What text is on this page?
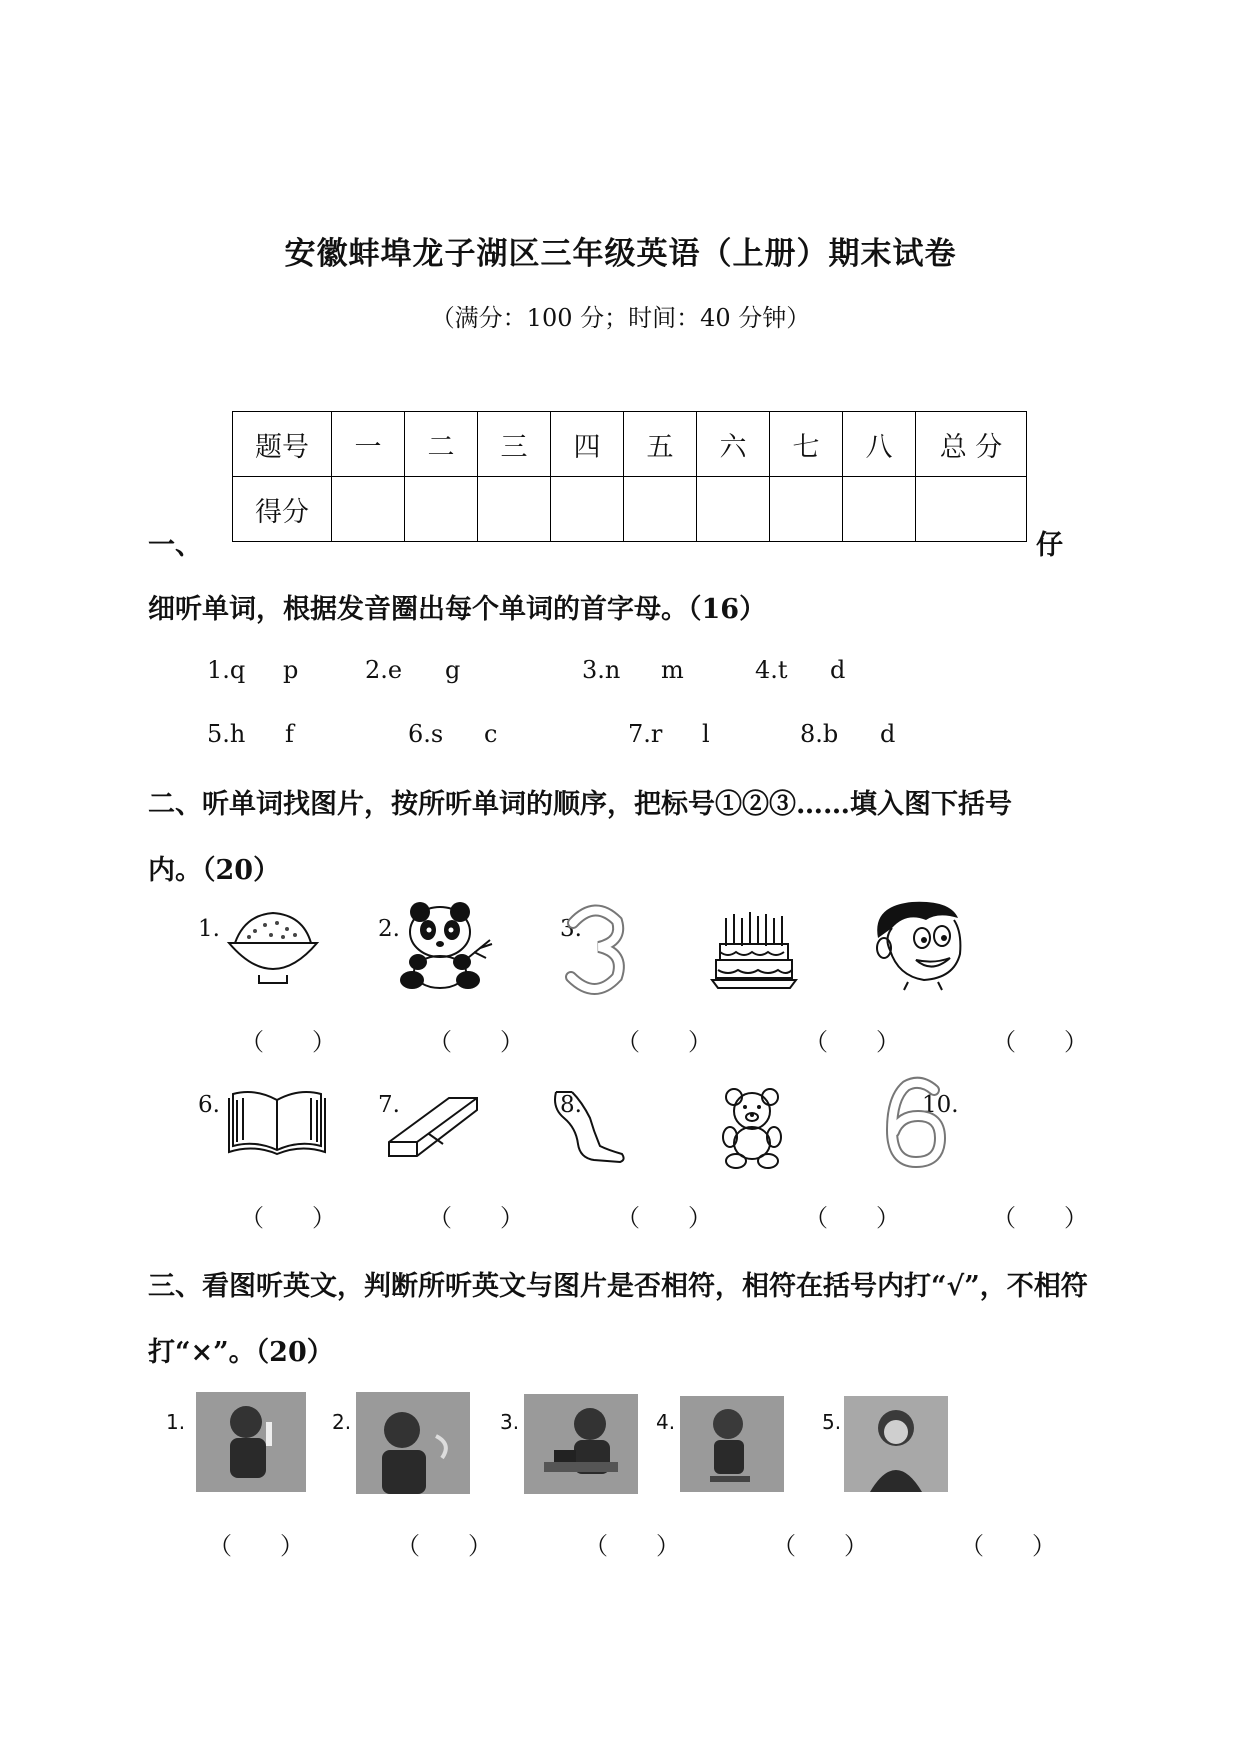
安徽蚌埠龙子湖区三年级英语（上册）期末试卷
（满分：100 分；时间：40 分钟）
题号	一	二	三	四	五	六	七	八	总 分
得分									
一、	仔
细听单词，根据发音圈出每个单词的首字母。（16）
1.q p	2.e g	3.n m	4.t d
5.h f	6.s c	7.r l	8.b d
二、听单词找图片，按所听单词的顺序，把标号①②③……填入图下括号
内。（20）
1.	2.	3.
（　　）	（　　）	（　　）	（　　）	（　　）
6.	7.	8.	10.
（　　）	（　　）	（　　）	（　　）	（　　）
三、看图听英文，判断所听英文与图片是否相符，相符在括号内打“√”，不相符
打“×”。（20）
1.	2.	3.	4.	5.
（　　）	（　　）	（　　）	（　　）	（　　）
